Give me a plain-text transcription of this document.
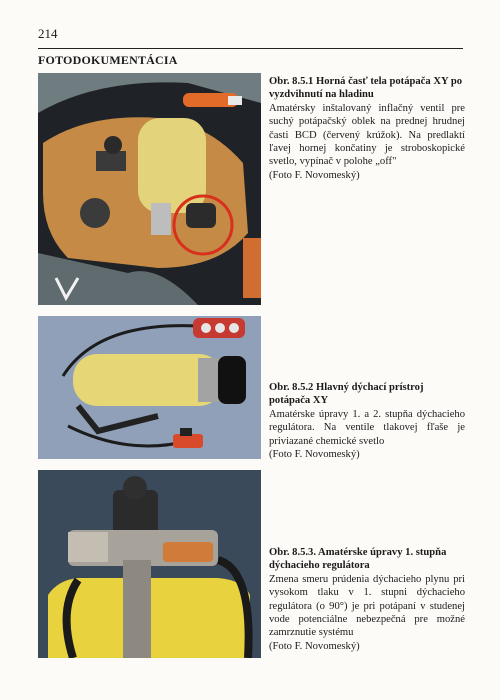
214
FOTODOKUMENTÁCIA
Obr. 8.5.1 Horná časť tela potápača XY po vyzdvihnutí na hladinu
Amatérsky inštalovaný inflačný ventil pre suchý potápačský oblek na prednej hrudnej časti BCD (červený krúžok). Na predlaktí ľavej hornej končatiny je stroboskopické svetlo, vypínač v polohe „off"
(Foto F. Novomeský)
Obr. 8.5.2 Hlavný dýchací prístroj potápača XY
Amatérske úpravy 1. a 2. stupňa dýchacieho regulátora. Na ventile tlakovej fľaše je priviazané chemické svetlo
(Foto F. Novomeský)
Obr. 8.5.3. Amatérske úpravy 1. stupňa dýchacieho regulátora
Zmena smeru prúdenia dýchacieho plynu pri vysokom tlaku v 1. stupni dýchacieho regulátora (o 90°) je pri potápaní v studenej vode potenciálne nebezpečná pre možné zamrznutie systému
(Foto F. Novomeský)
